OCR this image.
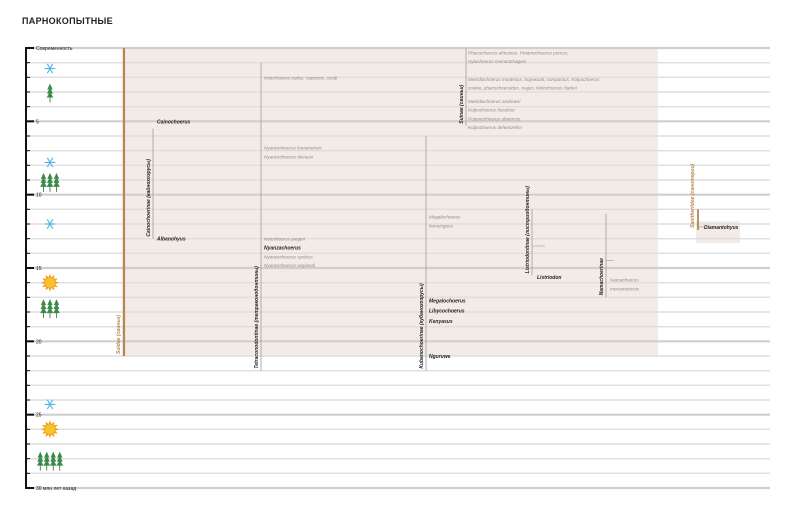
ПАРНОКОПЫТНЫЕ
Современность
5
10
15
20
25
30 млн лет назад
Suidae (свиньи)
Sanitheriidae (санитерии)
Cainochoerinae (кайнохоэрусы)
Tetraconodontinae (тетраконодонтины)	Kubanochoerinae (кубанохоэрусы)
Suinae (свиньи)
Listriodontinae (листриодонтины)
Namachoerinae
Cainochoerus
Albanohyus
Notochoerus euilus, capensis, scotti
Nyanzachoerus kanamensis
Nyanzachoerus devauxi
Notochoerus jaegeri
Nyanzachoerus
Nyanzachoerus syrticus
Nyanzachoerus waylandi
Megalochoerus
homungous
Megalochoerus
Libycochoerus
Kenyasus
Nguruwe
Phacochoerus africanus, Potamochoerus porcus,
Hylochoerus meinertzhageni
Metridiochoerus modestus, hopwoodi, compactus, Kolpochoerus
cookei, phacochoeroides, majus, Notochoerus clarkei
Metridiochoerus andrewsi
Kolpochoerus heseloni
Potamochoerus afarensis
Kolpochoerus deheinzelini
Listriodon	Namachoerus
moruorotensis
Diamantohyus
